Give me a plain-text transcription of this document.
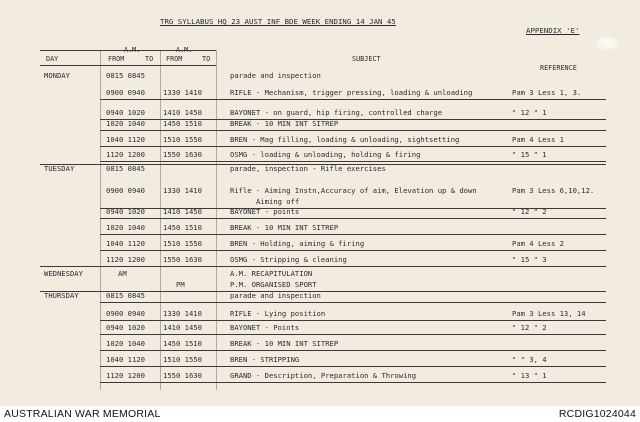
TRG SYLLABUS HQ 23 AUST INF BDE WEEK ENDING 14 JAN 45
APPENDIX 'E'
A.M.	A.M.
DAY	FROM	TO FROM	TO	SUBJECT
REFERENCE
MONDAY	0815 0845	parade and inspection
0900 0940	1330 1410	RIFLE - Mechanism, trigger pressing, loading & unloading	Pam 3 Less 1, 3.
0940 1020	1410 1450	BAYONET - on guard, hip firing, controlled charge	" 12 " 1
1020 1040	1450 1510	BREAK - 10 MIN INT SITREP
1040 1120	1510 1550	BREN - Mag filling, loading & unloading, sightsetting	Pam 4 Less 1
1120 1200	1550 1630	OSMG - loading & unloading, holding & firing	" 15 " 1
TUESDAY	0815 0845	parade, inspection - Rifle exercises
0900 0940	1330 1410	Rifle - Aiming Instn,Accuracy of aim, Elevation up & down	Pam 3 Less 6,10,12.
Aiming off
0940 1020	1410 1450	BAYONET - points	" 12 " 2
1020 1040	1450 1510	BREAK - 10 MIN INT SITREP
1040 1120	1510 1550	BREN - Holding, aiming & firing	Pam 4 Less 2
1120 1200	1550 1630	OSMG - Stripping & cleaning	" 15 " 3
WEDNESDAY	AM	A.M. RECAPITULATION
PM	P.M. ORGANISED SPORT
THURSDAY	0815 0845	parade and inspection
0900 0940	1330 1410	RIFLE - Lying position	Pam 3 Less 13, 14
0940 1020	1410 1450	BAYONET - Points	" 12 " 2
1020 1040	1450 1510	BREAK - 10 MIN INT SITREP
1040 1120	1510 1550	BREN - STRIPPING	" " 3, 4
1120 1200	1550 1630	GRAND - Description, Preparation & Throwing	" 13 " 1
AUSTRALIAN WAR MEMORIAL	RCDIG1024044
